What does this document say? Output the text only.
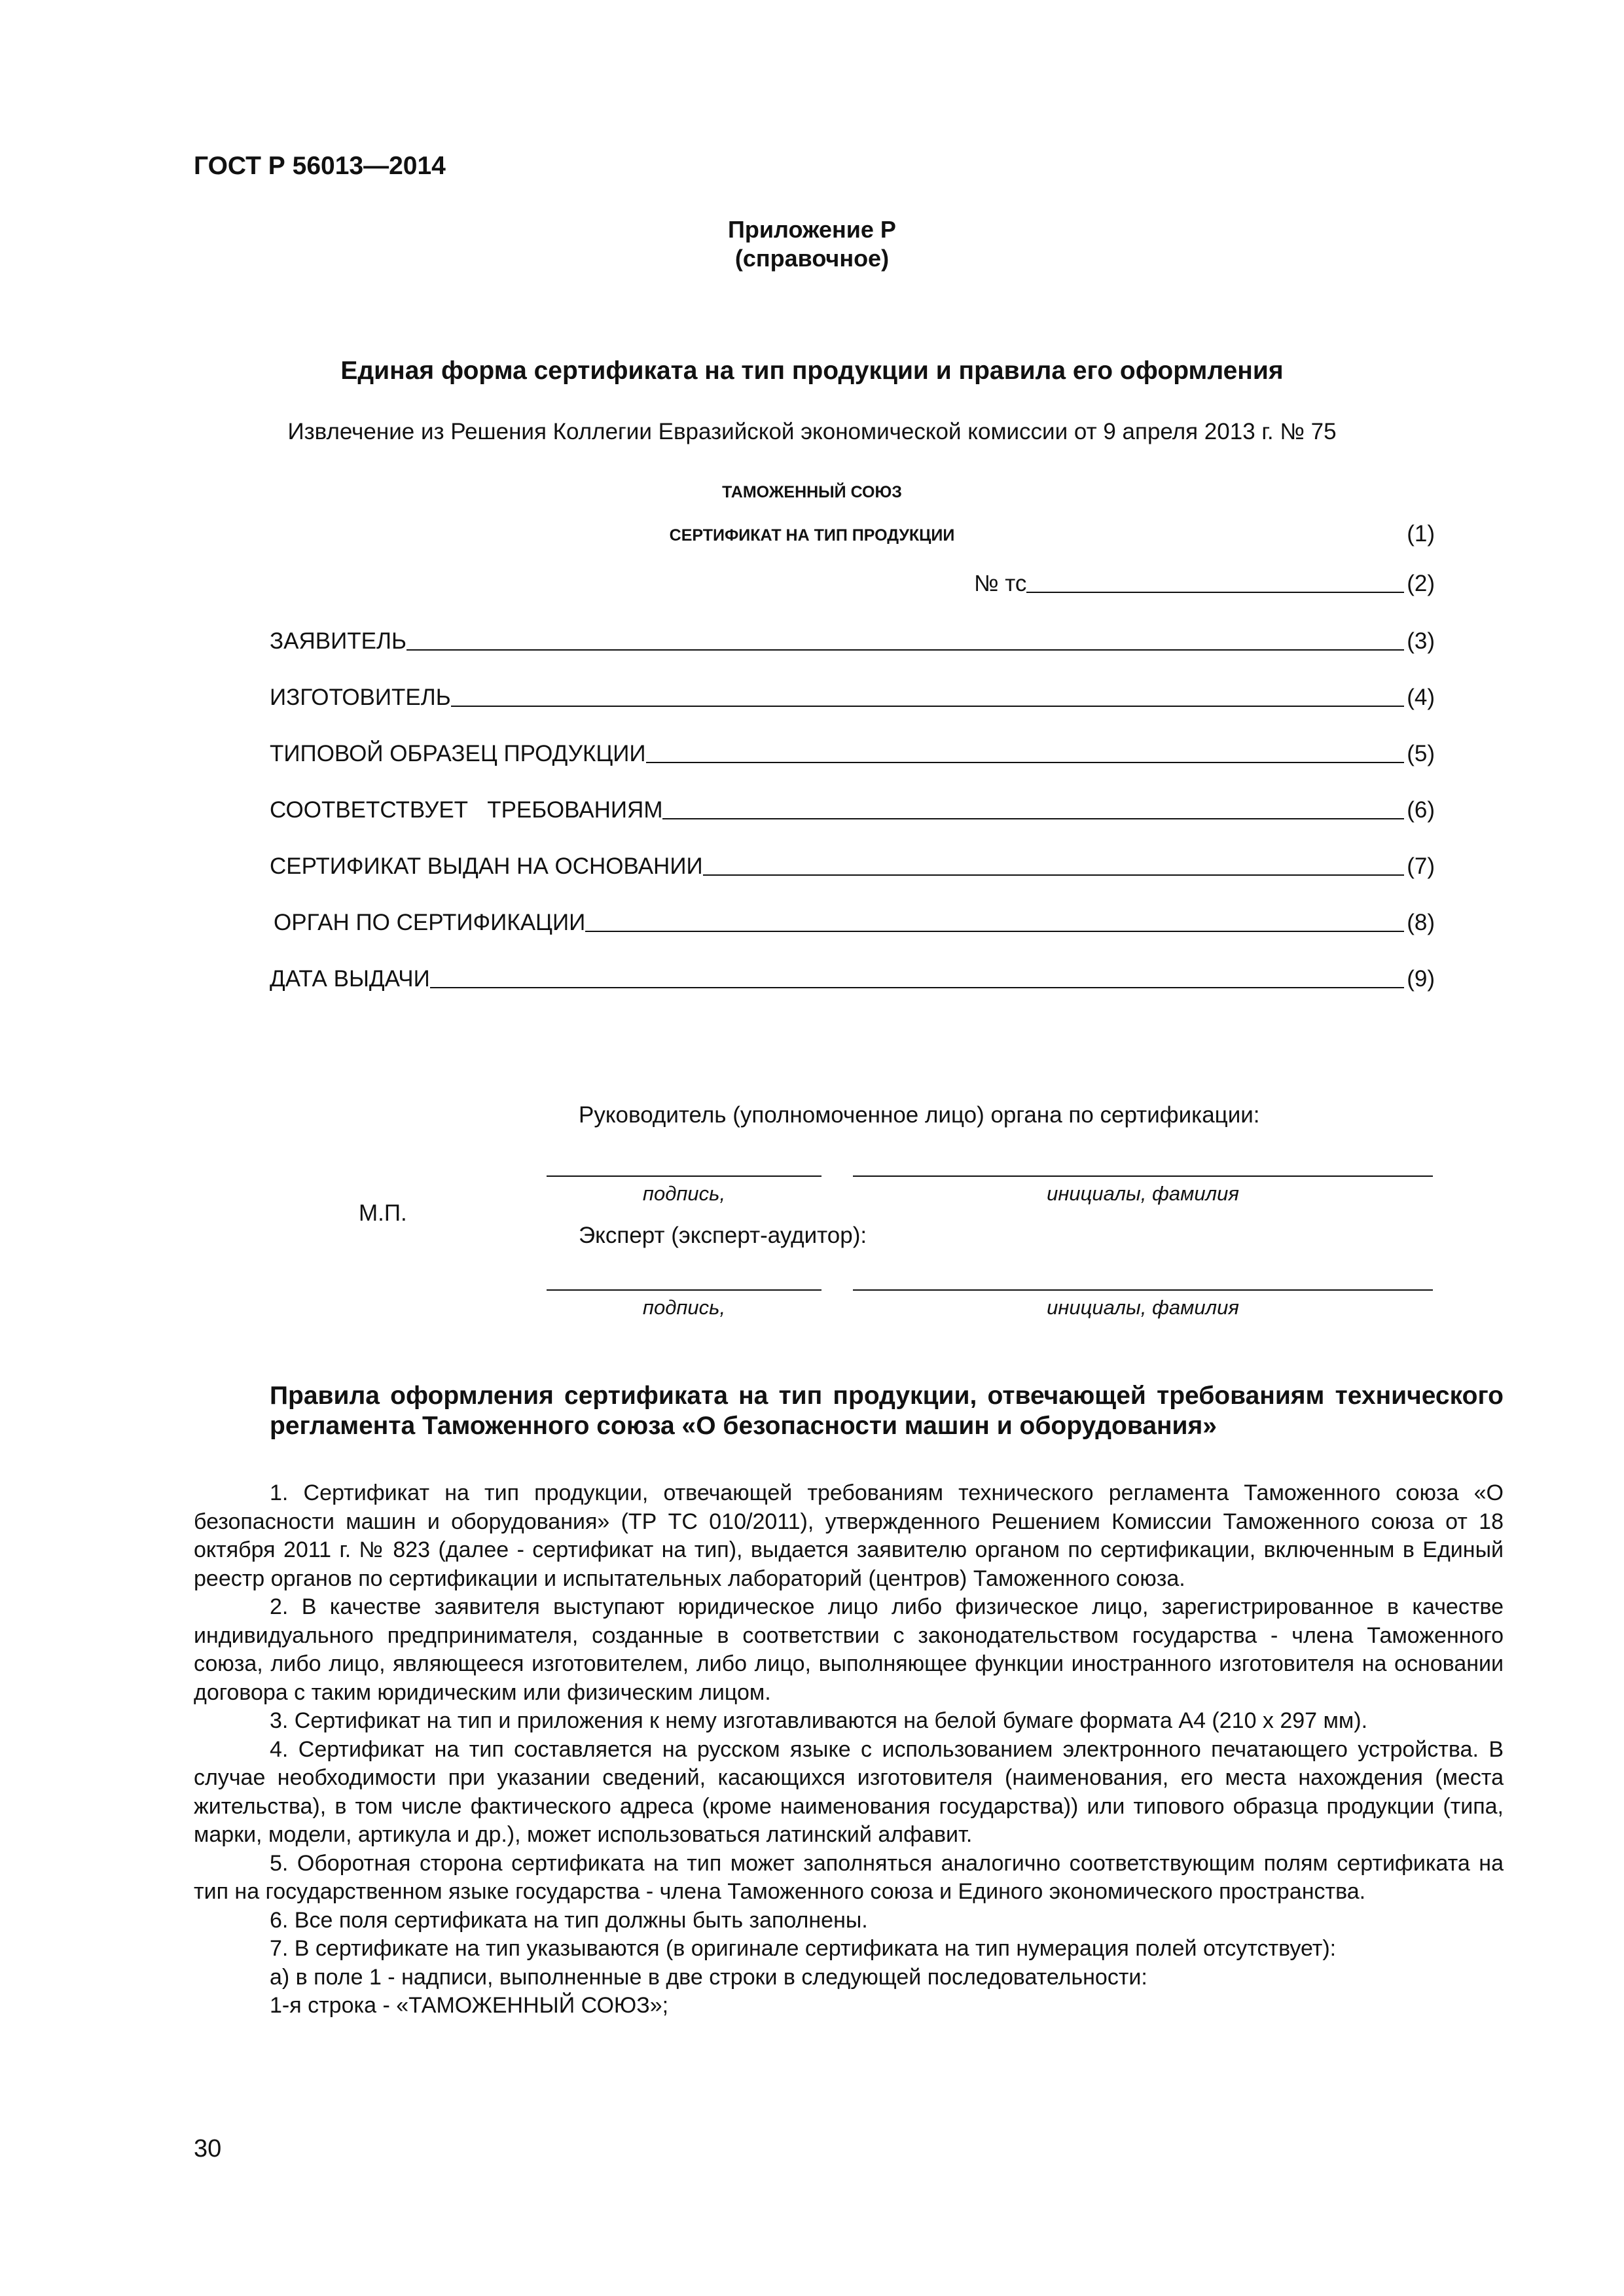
ГОСТ Р 56013—2014
Приложение Р
(справочное)
Единая форма сертификата на тип продукции и правила его оформления
Извлечение из Решения Коллегии Евразийской экономической комиссии от 9 апреля 2013 г. № 75
ТАМОЖЕННЫЙ СОЮЗ
СЕРТИФИКАТ НА ТИП ПРОДУКЦИИ	(1)
№ тс	(2)
ЗАЯВИТЕЛЬ	(3)
ИЗГОТОВИТЕЛЬ	(4)
ТИПОВОЙ ОБРАЗЕЦ ПРОДУКЦИИ	(5)
СООТВЕТСТВУЕТ   ТРЕБОВАНИЯМ	(6)
СЕРТИФИКАТ ВЫДАН НА ОСНОВАНИИ	(7)
ОРГАН ПО СЕРТИФИКАЦИИ	(8)
ДАТА ВЫДАЧИ	(9)
Руководитель (уполномоченное лицо) органа по сертификации:
подпись,	инициалы, фамилия
М.П.
Эксперт (эксперт-аудитор):
подпись,	инициалы, фамилия
Правила оформления сертификата на тип продукции, отвечающей требованиям технического регламента Таможенного союза «О безопасности машин и оборудования»

1. Сертификат на тип продукции, отвечающей требованиям технического регламента Таможенного союза «О безопасности машин и оборудования» (ТР ТС 010/2011), утвержденного Решением Комиссии Таможенного союза от 18 октября 2011 г. № 823 (далее - сертификат на тип), выдается заявителю органом по сертификации, включенным в Единый реестр органов по сертификации и испытательных лабораторий (центров) Таможенного союза.

2. В качестве заявителя выступают юридическое лицо либо физическое лицо, зарегистрированное в качестве индивидуального предпринимателя, созданные в соответствии с законодательством государства - члена Таможенного союза, либо лицо, являющееся изготовителем, либо лицо, выполняющее функции иностранного изготовителя на основании договора с таким юридическим или физическим лицом.

3. Сертификат на тип и приложения к нему изготавливаются на белой бумаге формата А4 (210 х 297 мм).

4. Сертификат на тип составляется на русском языке с использованием электронного печатающего устройства. В случае необходимости при указании сведений, касающихся изготовителя (наименования, его места нахождения (места жительства), в том числе фактического адреса (кроме наименования государства)) или типового образца продукции (типа, марки, модели, артикула и др.), может использоваться латинский алфавит.

5. Оборотная сторона сертификата на тип может заполняться аналогично соответствующим полям сертификата на тип на государственном языке государства - члена Таможенного союза и Единого экономического пространства.

6. Все поля сертификата на тип должны быть заполнены.

7. В сертификате на тип указываются (в оригинале сертификата на тип нумерация полей отсутствует):

а) в поле 1 - надписи, выполненные в две строки в следующей последовательности:

1-я строка - «ТАМОЖЕННЫЙ СОЮЗ»;

30
